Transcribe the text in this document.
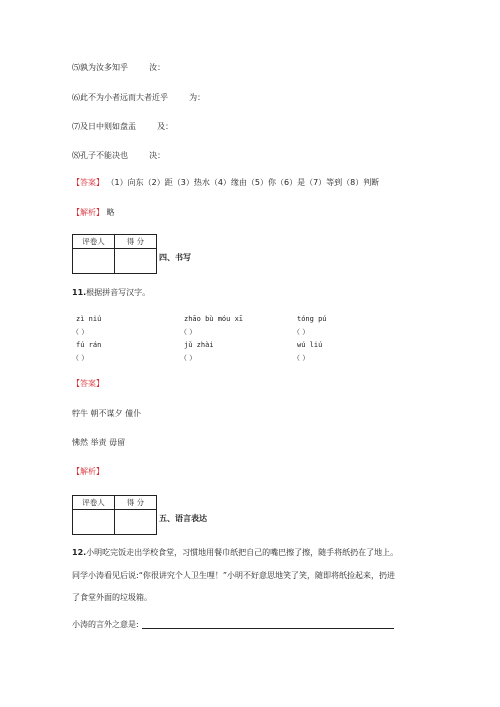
⑸孰为汝多知乎	汝：
⑹此不为小者远而大者近乎	为：
⑺及日中则如盘盂	及：
⑻孔子不能决也	决：
【答案】 （1）向东（2）距（3）热水（4）缘由（5）你（6）是（7）等到（8）判断
【解析】 略
评卷人	得 分

四、书写
11.根据拼音写汉字。
zì niú	zhāo bù móu xī	tóng pú
（ ）	（ ）	（ ）
fú rán	jǔ zhài	wú liú
（ ）	（ ）	（ ）
【答案】
牸牛 朝不谋夕 僮仆
怫然 举责 毋留
【解析】
评卷人	得 分

五、语言表达
12.小明吃完饭走出学校食堂，习惯地用餐巾纸把自己的嘴巴擦了擦，随手将纸扔在了地上。
同学小涛看见后说:“你很讲究个人卫生哩！”小明不好意思地笑了笑，随即将纸捡起来，扔进
了食堂外面的垃圾箱。
小涛的言外之意是:
